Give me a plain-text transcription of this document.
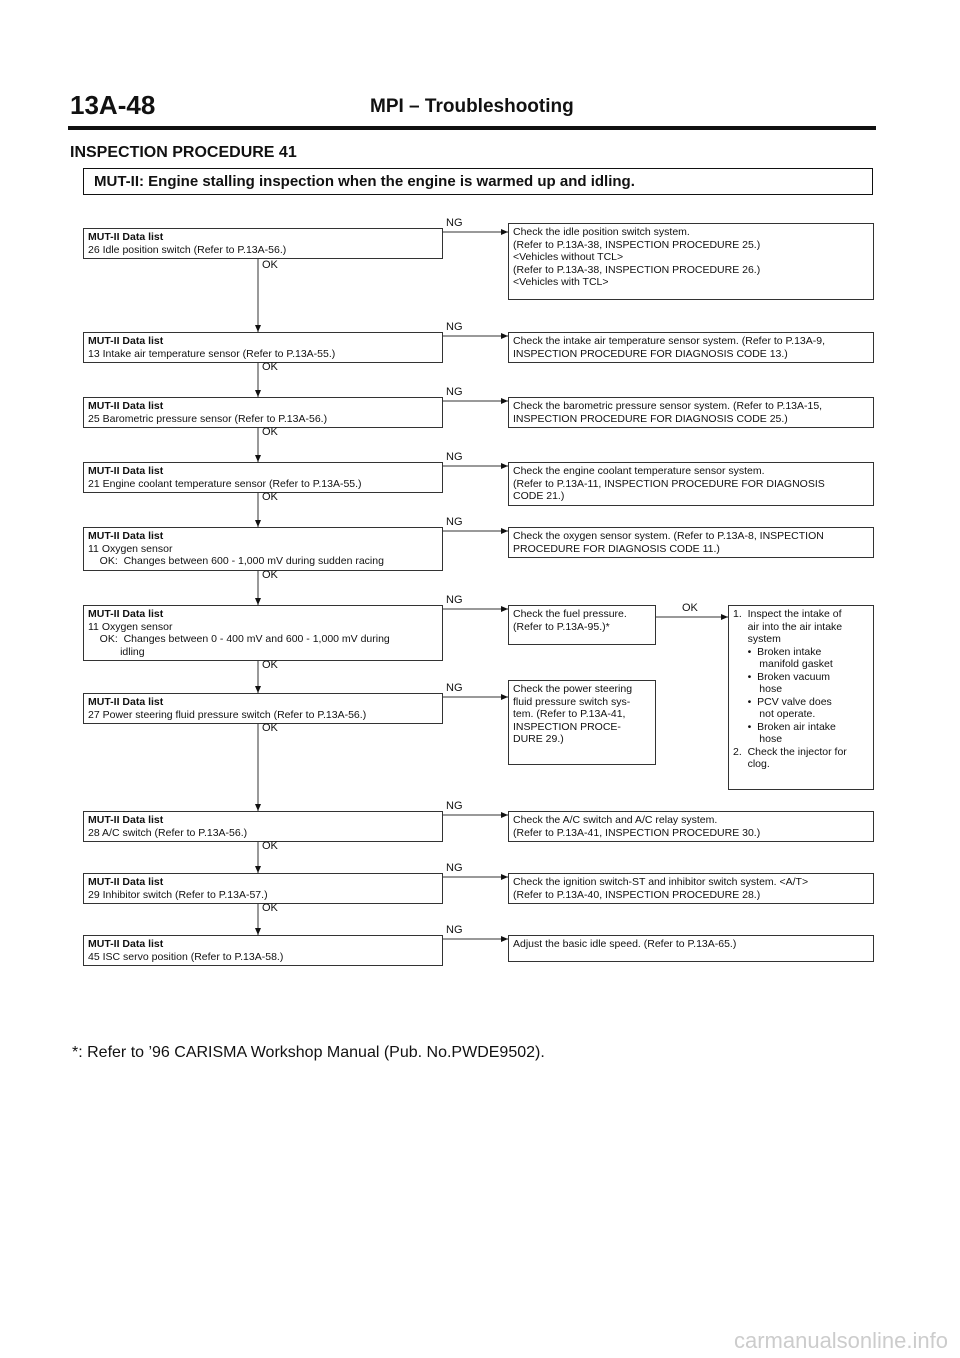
13A-48	MPI – Troubleshooting
INSPECTION PROCEDURE 41
MUT-II: Engine stalling inspection when the engine is warmed up and idling.
MUT-II Data list
26 Idle position switch (Refer to P.13A-56.)
MUT-II Data list
13 Intake air temperature sensor (Refer to P.13A-55.)
MUT-II Data list
25 Barometric pressure sensor (Refer to P.13A-56.)
MUT-II Data list
21 Engine coolant temperature sensor (Refer to P.13A-55.)
MUT-II Data list
11 Oxygen sensor
OK:  Changes between 600 - 1,000 mV during sudden racing
MUT-II Data list
11 Oxygen sensor
OK:  Changes between 0 - 400 mV and 600 - 1,000 mV during
idling
MUT-II Data list
27 Power steering fluid pressure switch (Refer to P.13A-56.)
MUT-II Data list
28 A/C switch (Refer to P.13A-56.)
MUT-II Data list
29 Inhibitor switch (Refer to P.13A-57.)
MUT-II Data list
45 ISC servo position (Refer to P.13A-58.)
Check the idle position switch system.
(Refer to P.13A-38, INSPECTION PROCEDURE 25.)
<Vehicles without TCL>
(Refer to P.13A-38, INSPECTION PROCEDURE 26.)
<Vehicles with TCL>
Check the intake air temperature sensor system. (Refer to P.13A-9,
INSPECTION PROCEDURE FOR DIAGNOSIS CODE 13.)
Check the barometric pressure sensor system. (Refer to P.13A-15,
INSPECTION PROCEDURE FOR DIAGNOSIS CODE 25.)
Check the engine coolant temperature sensor system.
(Refer to P.13A-11, INSPECTION PROCEDURE FOR DIAGNOSIS
CODE 21.)
Check the oxygen sensor system. (Refer to P.13A-8, INSPECTION
PROCEDURE FOR DIAGNOSIS CODE 11.)
Check the fuel pressure.
(Refer to P.13A-95.)*
Check the power steering
fluid pressure switch sys-
tem. (Refer to P.13A-41,
INSPECTION PROCE-
DURE 29.)
Check the A/C switch and A/C relay system.
(Refer to P.13A-41, INSPECTION PROCEDURE 30.)
Check the ignition switch-ST and inhibitor switch system. <A/T>
(Refer to P.13A-40, INSPECTION PROCEDURE 28.)
Adjust the basic idle speed. (Refer to P.13A-65.)
1.  Inspect the intake of
air into the air intake
system
•  Broken intake
manifold gasket
•  Broken vacuum
hose
•  PCV valve does
not operate.
•  Broken air intake
hose
2.  Check the injector for
clog.
NG
NG
NG
NG
NG
NG
NG
NG
NG
NG
OK
OK
OK
OK
OK
OK
OK
OK
OK
OK
*: Refer to ’96 CARISMA Workshop Manual (Pub. No.PWDE9502).
carmanualsonline.info
